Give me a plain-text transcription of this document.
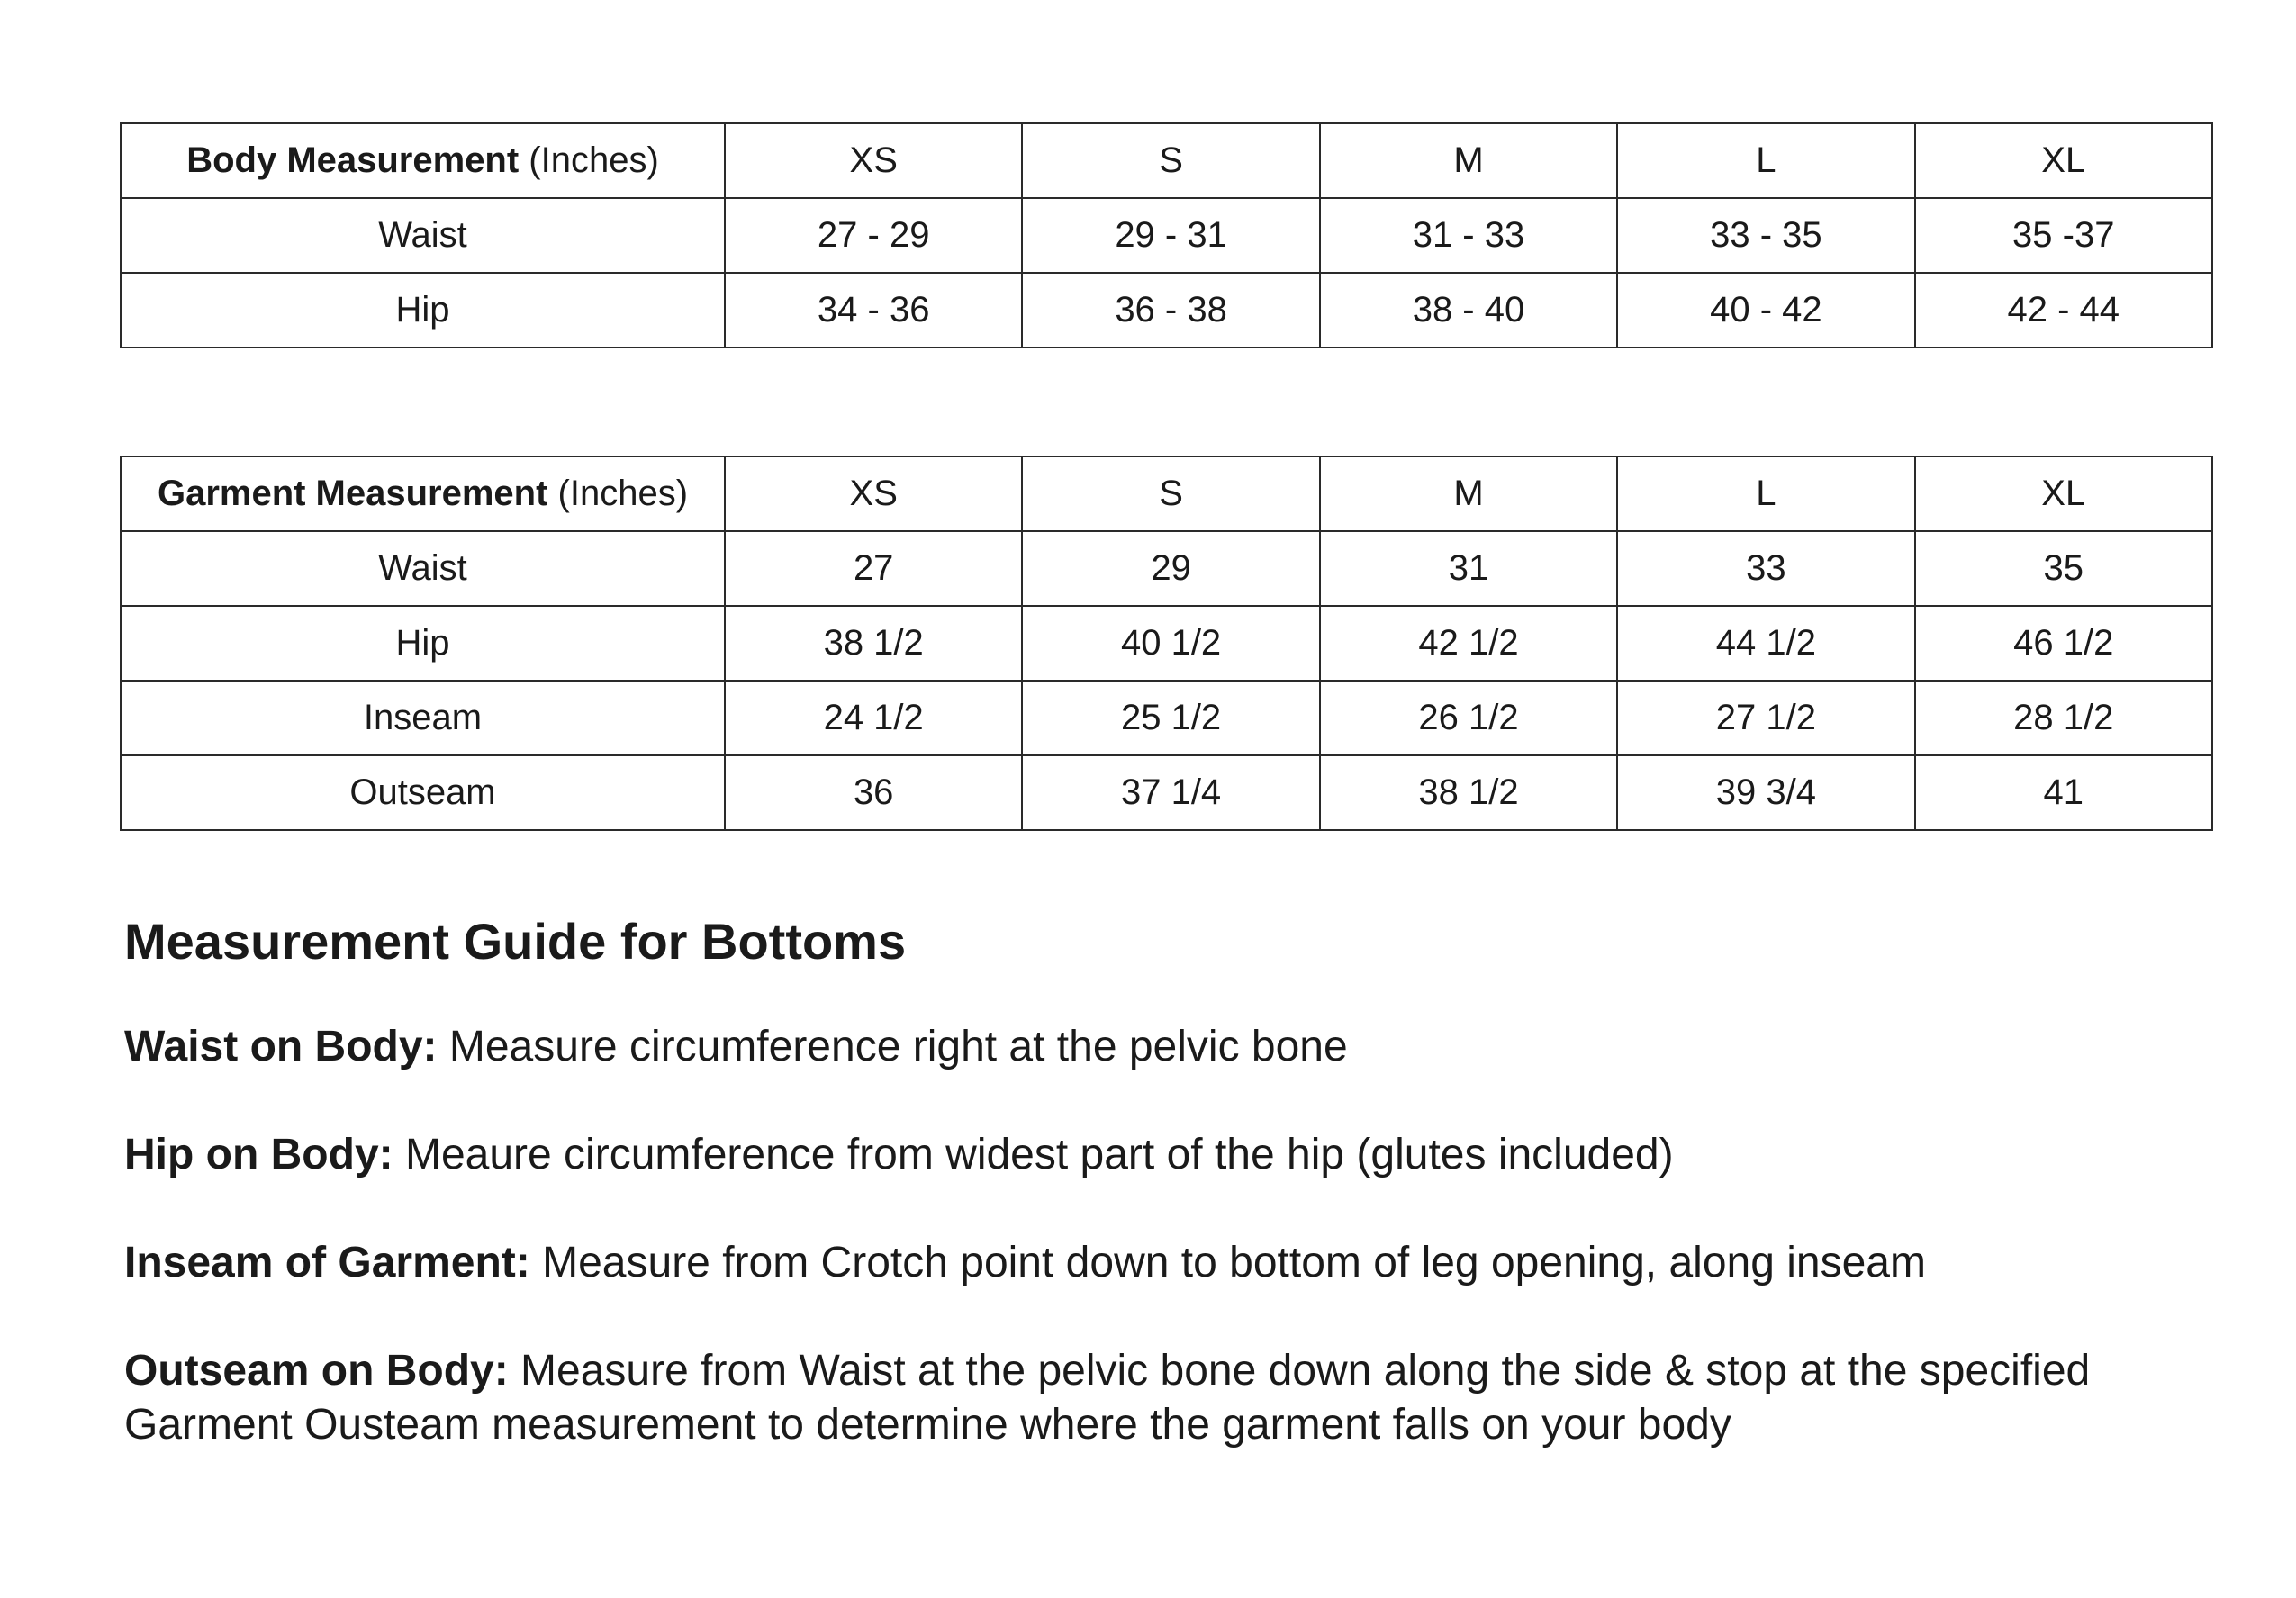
Body Measurement (Inches)	XS	S	M	L	XL
Waist	27 - 29	29 - 31	31 - 33	33 - 35	35 -37
Hip	34 - 36	36 - 38	38 - 40	40 - 42	42 - 44
Garment Measurement (Inches)	XS	S	M	L	XL
Waist	27	29	31	33	35
Hip	38 1/2	40 1/2	42 1/2	44 1/2	46 1/2
Inseam	24 1/2	25 1/2	26 1/2	27 1/2	28 1/2
Outseam	36	37 1/4	38 1/2	39 3/4	41
Measurement Guide for Bottoms
Waist on Body: Measure circumference right at the pelvic bone
Hip on Body: Meaure circumference from widest part of the hip (glutes included)
Inseam of Garment: Measure from Crotch point down to bottom of leg opening, along inseam
Outseam on Body: Measure from Waist at the pelvic bone down along the side & stop at the specified Garment Ousteam measurement to determine where the garment falls on your body
